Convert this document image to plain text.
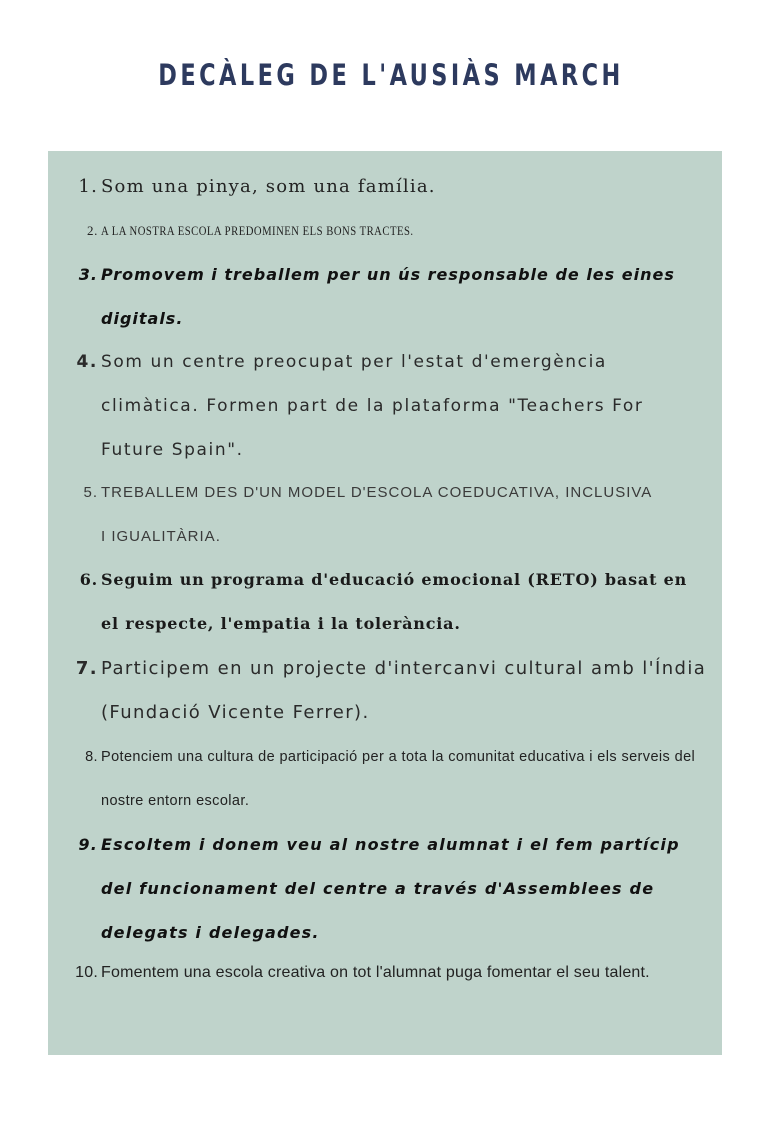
DECÀLEG DE L'AUSIÀS MARCH
1. Som una pinya, som una família.
2. A LA NOSTRA ESCOLA PREDOMINEN ELS BONS TRACTES.
3. Promovem i treballem per un ús responsable de les eines digitals.
4. Som un centre preocupat per l'estat d'emergència climàtica. Formen part de la plataforma "Teachers For Future Spain".
5. TREBALLEM DES D'UN MODEL D'ESCOLA COEDUCATIVA, INCLUSIVA I IGUALITÀRIA.
6. Seguim un programa d'educació emocional (RETO) basat en el respecte, l'empatia i la tolerància.
7. Participem en un projecte d'intercanvi cultural amb l'Índia (Fundació Vicente Ferrer).
8. Potenciem una cultura de participació per a tota la comunitat educativa i els serveis del nostre entorn escolar.
9. Escoltem i donem veu al nostre alumnat i el fem partícip del funcionament del centre a través d'Assemblees de delegats i delegades.
10. Fomentem una escola creativa on tot l'alumnat puga fomentar el seu talent.
